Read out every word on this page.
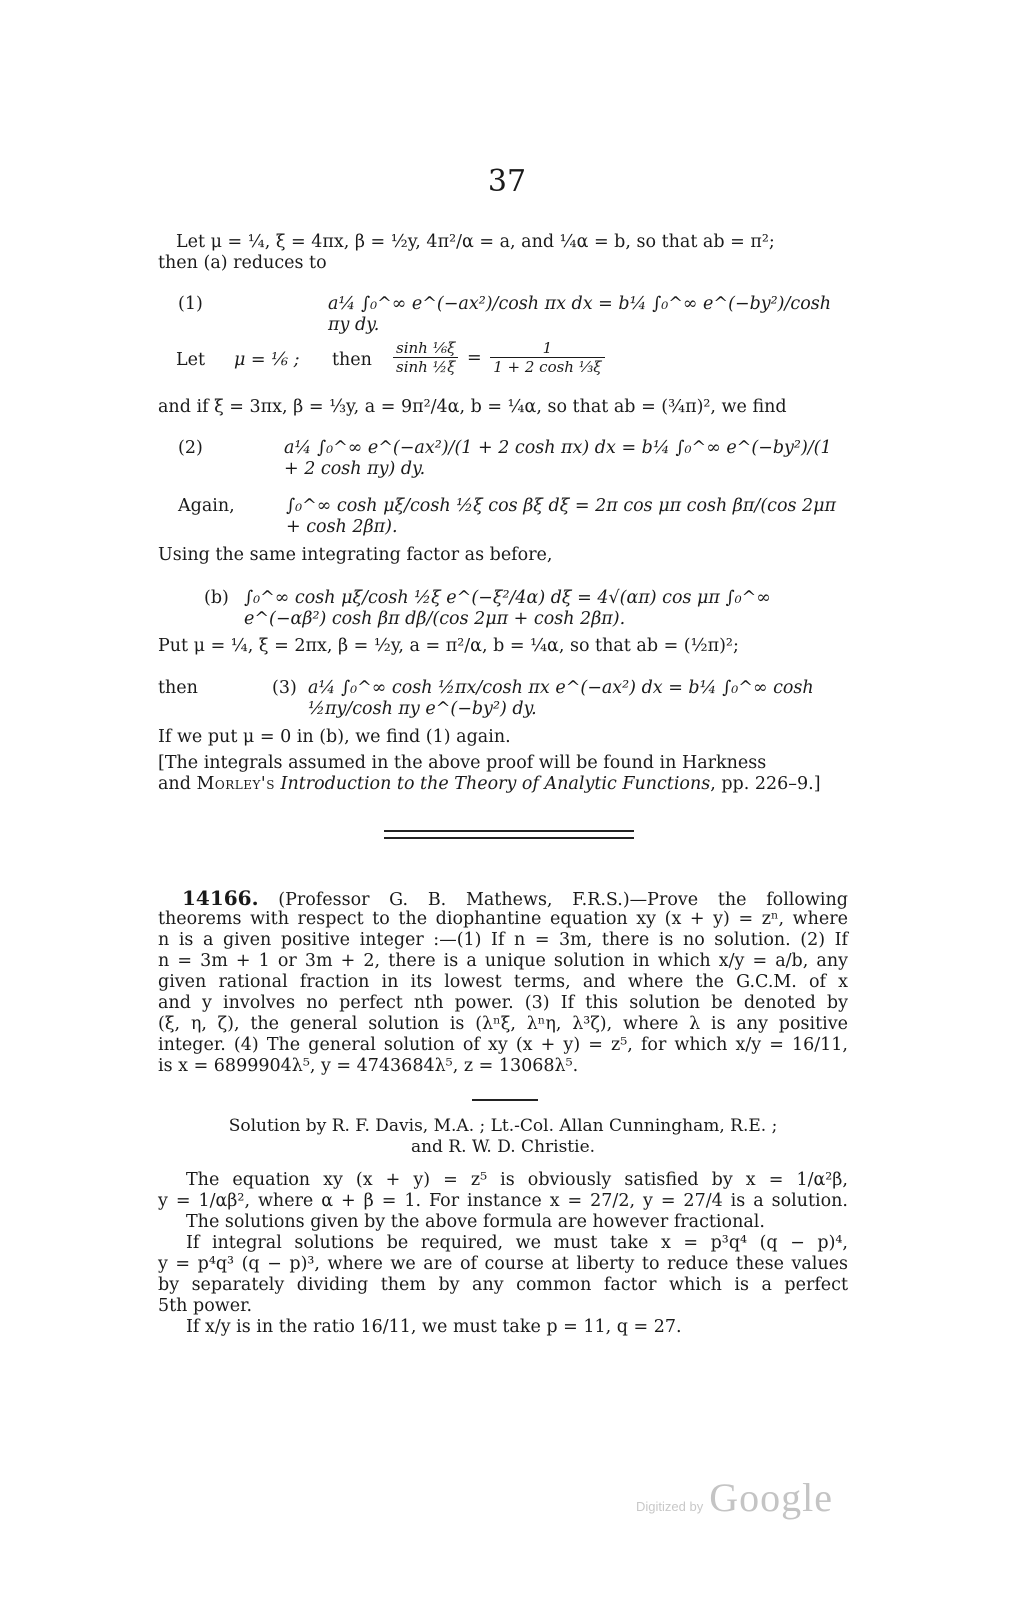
37
Let μ = ¼, ξ = 4πx, β = ½y, 4π²/α = a, and ¼α = b, so that ab = π²;
then (a) reduces to
(1)	a¼ ∫₀^∞ e^(−ax²)/cosh πx dx = b¼ ∫₀^∞ e^(−by²)/cosh πy dy.
Let μ = ⅙ ; then $\frac{\text{sinh ⅙ξ}}{\text{sinh ½ξ}} = \frac{1}{\text{1 + 2 cosh ⅓ξ}}$
and if ξ = 3πx, β = ⅓y, a = 9π²/4α, b = ¼α, so that ab = (¾π)², we find
(2)	a¼ ∫₀^∞ e^(−ax²)/(1 + 2 cosh πx) dx = b¼ ∫₀^∞ e^(−by²)/(1 + 2 cosh πy) dy.
Again,	∫₀^∞ cosh μξ/cosh ½ξ cos βξ dξ = 2π cos μπ cosh βπ/(cos 2μπ + cosh 2βπ).
Using the same integrating factor as before,
(b) ∫₀^∞ cosh μξ/cosh ½ξ e^(−ξ²/4α) dξ = 4√(απ) cos μπ ∫₀^∞ e^(−αβ²) cosh βπ dβ/(cos 2μπ + cosh 2βπ).
Put μ = ¼, ξ = 2πx, β = ½y, a = π²/α, b = ¼α, so that ab = (½π)²;
then	(3) a¼ ∫₀^∞ cosh ½πx/cosh πx e^(−ax²) dx = b¼ ∫₀^∞ cosh ½πy/cosh πy e^(−by²) dy.
If we put μ = 0 in (b), we find (1) again.
[The integrals assumed in the above proof will be found in Harkness
and Morley's Introduction to the Theory of Analytic Functions, pp. 226–9.]
14166. (Professor G. B. Mathews, F.R.S.)—Prove the following
theorems with respect to the diophantine equation xy (x + y) = zⁿ, where
n is a given positive integer :—(1) If n = 3m, there is no solution. (2) If
n = 3m + 1 or 3m + 2, there is a unique solution in which x/y = a/b, any
given rational fraction in its lowest terms, and where the G.C.M. of x
and y involves no perfect nth power. (3) If this solution be denoted by
(ξ, η, ζ), the general solution is (λⁿξ, λⁿη, λ³ζ), where λ is any positive
integer. (4) The general solution of xy (x + y) = z⁵, for which x/y = 16/11,
is x = 6899904λ⁵, y = 4743684λ⁵, z = 13068λ⁵.
Solution by R. F. Davis, M.A. ; Lt.-Col. Allan Cunningham, R.E. ;
and R. W. D. Christie.
The equation xy (x + y) = z⁵ is obviously satisfied by x = 1/α²β,
y = 1/αβ², where α + β = 1. For instance x = 27/2, y = 27/4 is a solution.
The solutions given by the above formula are however fractional.
If integral solutions be required, we must take x = p³q⁴ (q − p)⁴,
y = p⁴q³ (q − p)³, where we are of course at liberty to reduce these values
by separately dividing them by any common factor which is a perfect
5th power.
If x/y is in the ratio 16/11, we must take p = 11, q = 27.
Digitized by Google
